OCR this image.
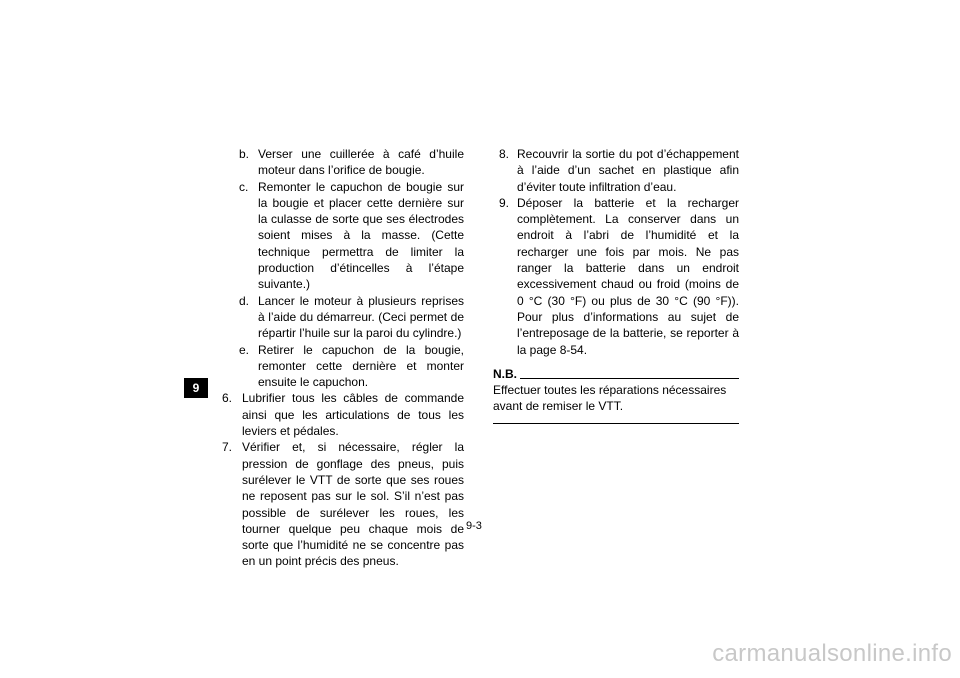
9

b. Verser une cuillerée à café d’huile moteur dans l’orifice de bougie.

c. Remonter le capuchon de bougie sur la bougie et placer cette dernière sur la culasse de sorte que ses électrodes soient mises à la masse. (Cette technique permettra de limiter la production d’étincelles à l’étape suivante.)

d. Lancer le moteur à plusieurs reprises à l’aide du démarreur. (Ceci permet de répartir l’huile sur la paroi du cylindre.)

e. Retirer le capuchon de la bougie, remonter cette dernière et monter ensuite le capuchon.

6. Lubrifier tous les câbles de commande ainsi que les articulations de tous les leviers et pédales.

7. Vérifier et, si nécessaire, régler la pression de gonflage des pneus, puis surélever le VTT de sorte que ses roues ne reposent pas sur le sol. S’il n’est pas possible de surélever les roues, les tourner quelque peu chaque mois de sorte que l’humidité ne se concentre pas en un point précis des pneus.

8. Recouvrir la sortie du pot d’échappement à l’aide d’un sachet en plastique afin d’éviter toute infiltration d’eau.

9. Déposer la batterie et la recharger complètement. La conserver dans un endroit à l’abri de l’humidité et la recharger une fois par mois. Ne pas ranger la batterie dans un endroit excessivement chaud ou froid (moins de 0 °C (30 °F) ou plus de 30 °C (90 °F)). Pour plus d’informations au sujet de l’entreposage de la batterie, se reporter à la page 8-54.

N.B.

Effectuer toutes les réparations nécessaires avant de remiser le VTT.

9-3
carmanualsonline.info
